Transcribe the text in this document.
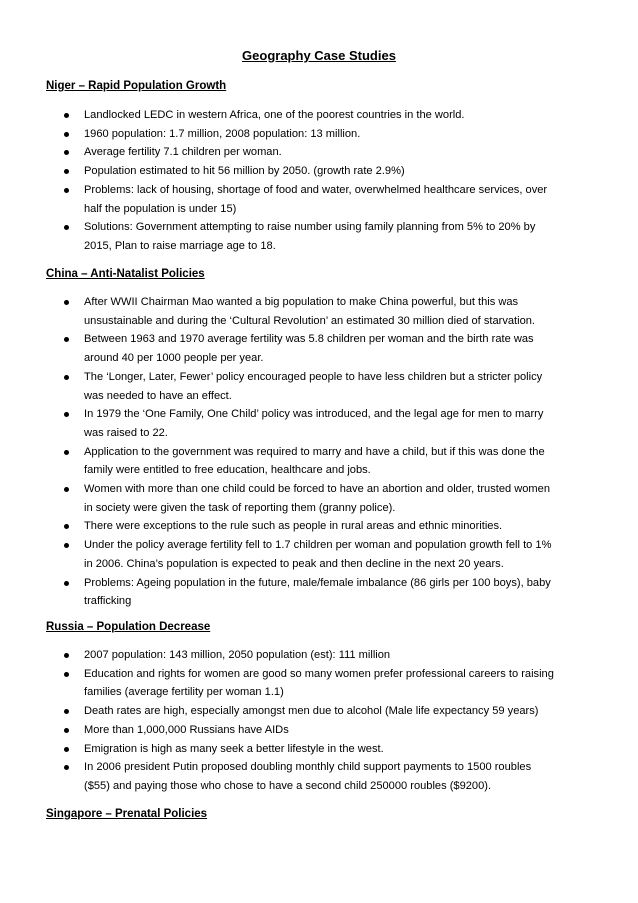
Geography Case Studies
Niger – Rapid Population Growth
Landlocked LEDC in western Africa, one of the poorest countries in the world.
1960 population: 1.7 million, 2008 population: 13 million.
Average fertility 7.1 children per woman.
Population estimated to hit 56 million by 2050. (growth rate 2.9%)
Problems: lack of housing, shortage of food and water, overwhelmed healthcare services, over
half the population is under 15)
Solutions: Government attempting to raise number using family planning from 5% to 20% by
2015, Plan to raise marriage age to 18.
China – Anti-Natalist Policies
After WWII Chairman Mao wanted a big population to make China powerful, but this was
unsustainable and during the ‘Cultural Revolution’ an estimated 30 million died of starvation.
Between 1963 and 1970 average fertility was 5.8 children per woman and the birth rate was
around 40 per 1000 people per year.
The ‘Longer, Later, Fewer’ policy encouraged people to have less children but a stricter policy
was needed to have an effect.
In 1979 the ‘One Family, One Child’ policy was introduced, and the legal age for men to marry
was raised to 22.
Application to the government was required to marry and have a child, but if this was done the
family were entitled to free education, healthcare and jobs.
Women with more than one child could be forced to have an abortion and older, trusted women
in society were given the task of reporting them (granny police).
There were exceptions to the rule such as people in rural areas and ethnic minorities.
Under the policy average fertility fell to 1.7 children per woman and population growth fell to 1%
in 2006. China’s population is expected to peak and then decline in the next 20 years.
Problems: Ageing population in the future, male/female imbalance (86 girls per 100 boys), baby
trafficking
Russia – Population Decrease
2007 population: 143 million, 2050 population (est): 111 million
Education and rights for women are good so many women prefer professional careers to raising
families (average fertility per woman 1.1)
Death rates are high, especially amongst men due to alcohol (Male life expectancy 59 years)
More than 1,000,000 Russians have AIDs
Emigration is high as many seek a better lifestyle in the west.
In 2006 president Putin proposed doubling monthly child support payments to 1500 roubles
($55) and paying those who chose to have a second child 250000 roubles ($9200).
Singapore – Prenatal Policies
